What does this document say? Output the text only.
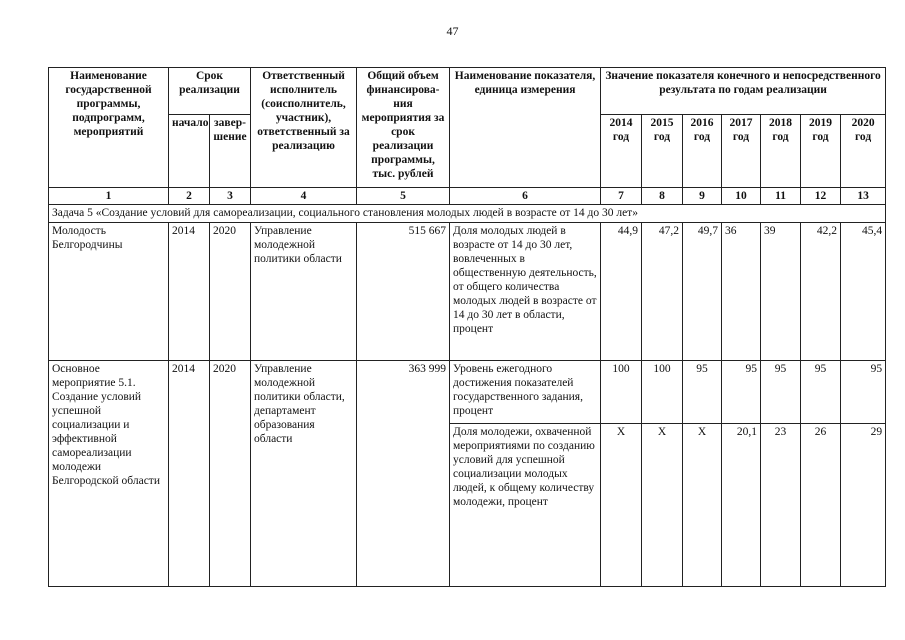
47
Наименование государственной программы, подпрограмм, мероприятий	Срок реализации		Ответственный исполнитель (соисполнитель, участник), ответственный за реализацию	Общий объем финансирова-ния мероприятия за срок реализации программы, тыс. рублей	Наименование показателя, единица измерения	Значение показателя конечного и непосредственного результата по годам реализации						
	начало	завер-шение				2014 год	2015 год	2016 год	2017 год	2018 год	2019 год	2020 год
1	2	3	4	5	6	7	8	9	10	11	12	13
Задача 5 «Создание условий для самореализации, социального становления молодых людей в возрасте от 14 до 30 лет»												
Молодость Белгородчины	2014	2020	Управление молодежной политики области	515 667	Доля молодых людей в возрасте от 14 до 30 лет, вовлеченных в общественную деятельность, от общего количества молодых людей в возрасте от 14 до 30 лет в области, процент	44,9	47,2	49,7	36	39	42,2	45,4
Основное мероприятие 5.1. Создание условий успешной социализации и эффективной самореализации молодежи Белгородской области	2014	2020	Управление молодежной политики области, департамент образования области	363 999	Уровень ежегодного достижения показателей государственного задания, процент	100	100	95	95	95	95	95
					Доля молодежи, охваченной мероприятиями по созданию условий для успешной социализации молодых людей, к общему количеству молодежи, процент	X	X	X	20,1	23	26	29
